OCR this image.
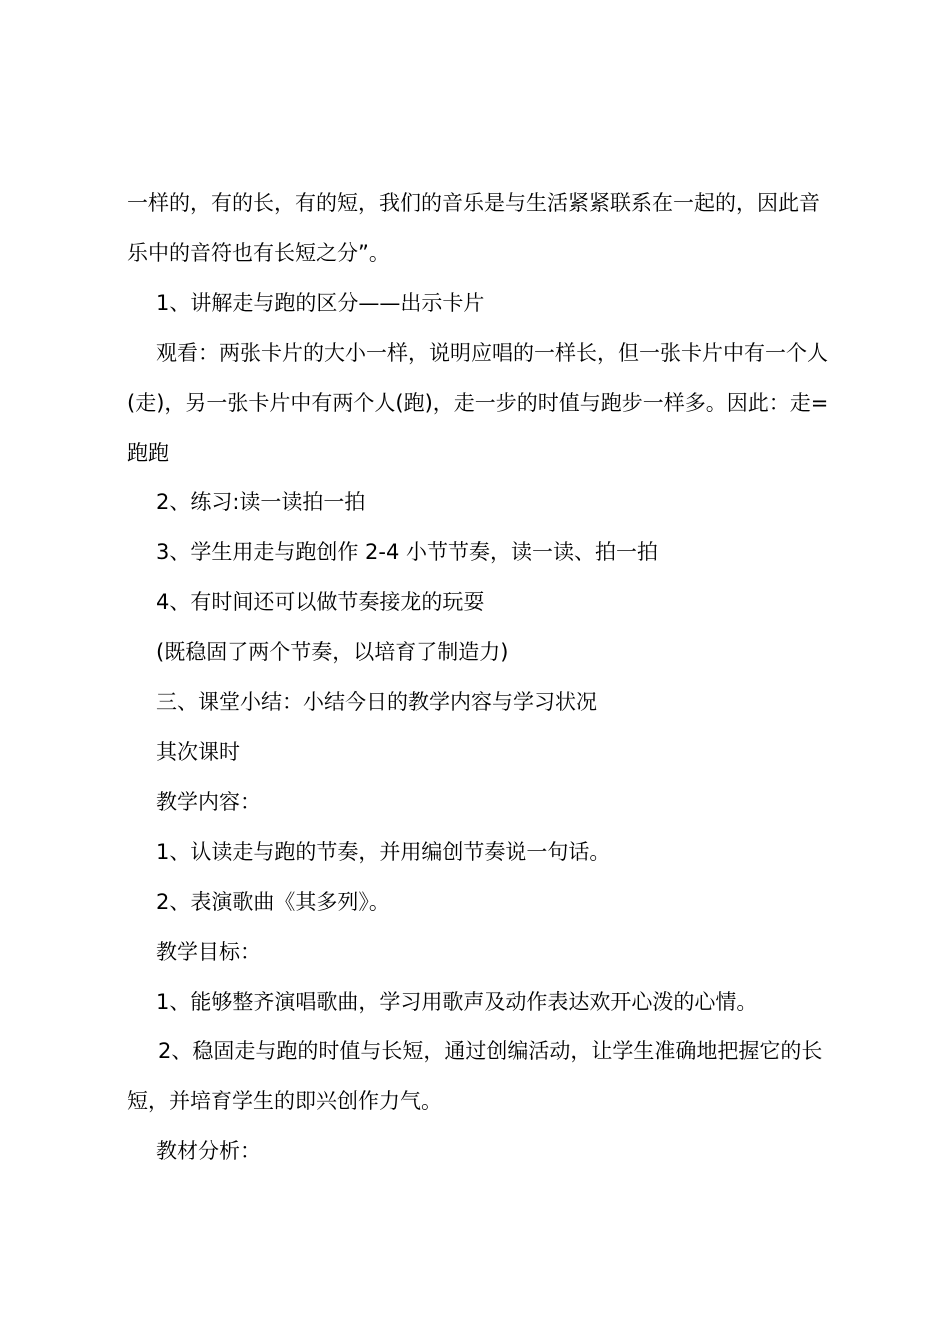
一样的，有的长，有的短，我们的音乐是与生活紧紧联系在一起的，因此音乐中的音符也有长短之分”。

1、讲解走与跑的区分——出示卡片

观看：两张卡片的大小一样，说明应唱的一样长，但一张卡片中有一个人(走)，另一张卡片中有两个人(跑)，走一步的时值与跑步一样多。因此：走=跑跑

2、练习:读一读拍一拍

3、学生用走与跑创作 2-4 小节节奏，读一读、拍一拍

4、有时间还可以做节奏接龙的玩耍

(既稳固了两个节奏，以培育了制造力)

三、课堂小结：小结今日的教学内容与学习状况

其次课时

教学内容：

1、认读走与跑的节奏，并用编创节奏说一句话。

2、表演歌曲《其多列》。

教学目标：

1、能够整齐演唱歌曲，学习用歌声及动作表达欢开心泼的心情。

2、稳固走与跑的时值与长短，通过创编活动，让学生准确地把握它的长短，并培育学生的即兴创作力气。

教材分析：
